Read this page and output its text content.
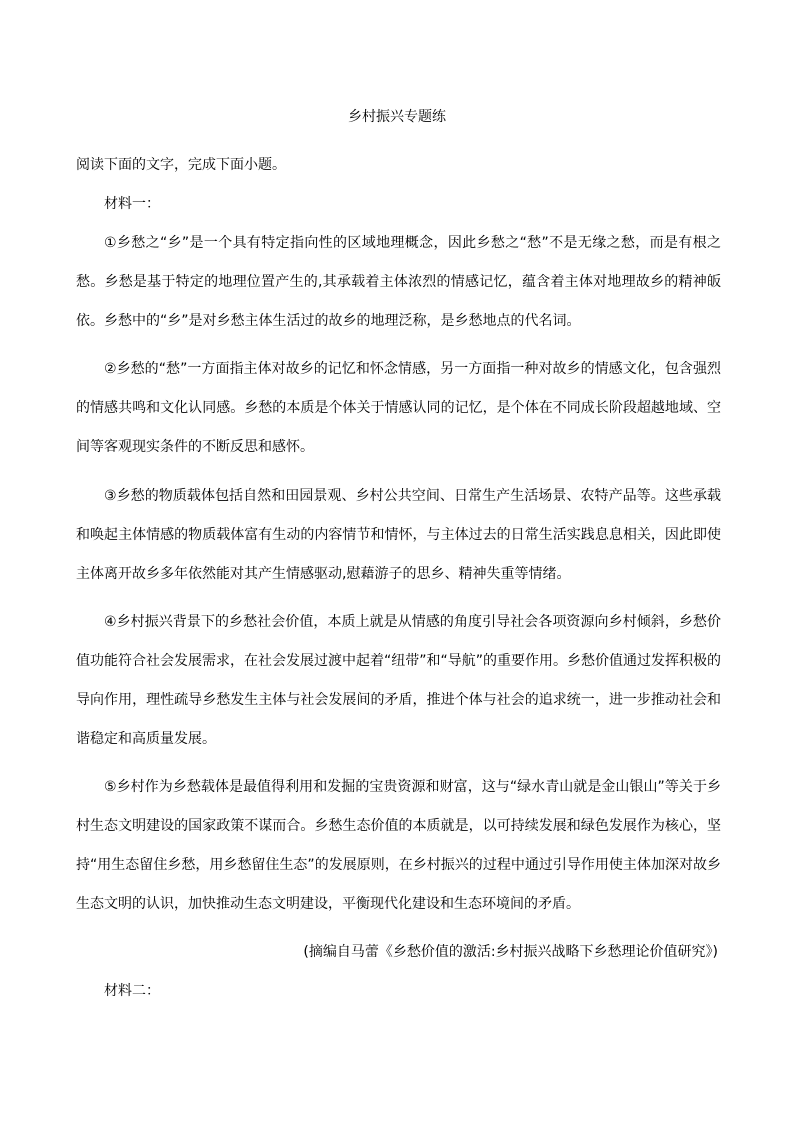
乡村振兴专题练

阅读下面的文字，完成下面小题。

材料一：

①乡愁之“乡”是一个具有特定指向性的区域地理概念，因此乡愁之“愁”不是无缘之愁，而是有根之愁。乡愁是基于特定的地理位置产生的,其承载着主体浓烈的情感记忆，蕴含着主体对地理故乡的精神皈依。乡愁中的“乡”是对乡愁主体生活过的故乡的地理泛称，是乡愁地点的代名词。

②乡愁的“愁”一方面指主体对故乡的记忆和怀念情感，另一方面指一种对故乡的情感文化，包含强烈的情感共鸣和文化认同感。乡愁的本质是个体关于情感认同的记忆，是个体在不同成长阶段超越地域、空间等客观现实条件的不断反思和感怀。

③乡愁的物质载体包括自然和田园景观、乡村公共空间、日常生产生活场景、农特产品等。这些承载和唤起主体情感的物质载体富有生动的内容情节和情怀，与主体过去的日常生活实践息息相关，因此即使主体离开故乡多年依然能对其产生情感驱动,慰藉游子的思乡、精神失重等情绪。

④乡村振兴背景下的乡愁社会价值，本质上就是从情感的角度引导社会各项资源向乡村倾斜，乡愁价值功能符合社会发展需求，在社会发展过渡中起着“纽带”和“导航”的重要作用。乡愁价值通过发挥积极的导向作用，理性疏导乡愁发生主体与社会发展间的矛盾，推进个体与社会的追求统一，进一步推动社会和谐稳定和高质量发展。

⑤乡村作为乡愁载体是最值得利用和发掘的宝贵资源和财富，这与“绿水青山就是金山银山”等关于乡村生态文明建设的国家政策不谋而合。乡愁生态价值的本质就是，以可持续发展和绿色发展作为核心，坚持“用生态留住乡愁，用乡愁留住生态”的发展原则，在乡村振兴的过程中通过引导作用使主体加深对故乡生态文明的认识，加快推动生态文明建设，平衡现代化建设和生态环境间的矛盾。

(摘编自马蕾《乡愁价值的激活:乡村振兴战略下乡愁理论价值研究》)

材料二：
